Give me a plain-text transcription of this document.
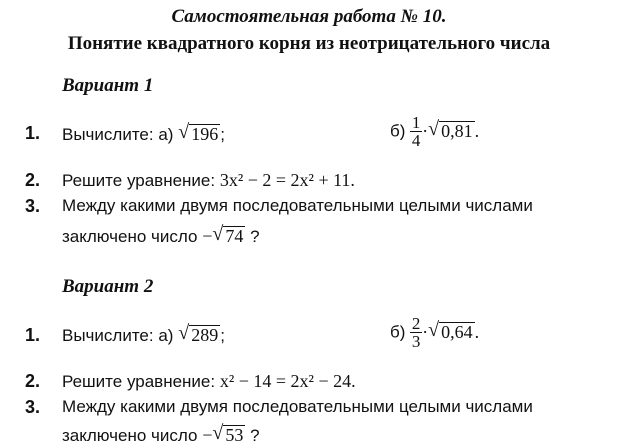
Самостоятельная работа № 10.
Понятие квадратного корня из неотрицательного числа
Вариант 1
1. Вычислите: а) √ 196 ;	$б) \frac{1}{4}$ · √ 0,81 .
2. Решите уравнение: 3x² − 2 = 2x² + 11.
3. Между какими двумя последовательными целыми числами
заключено число − √ 74 ?
Вариант 2
1. Вычислите: а) √ 289 ;	$б) \frac{2}{3}$ · √ 0,64 .
2. Решите уравнение: x² − 14 = 2x² − 24.
3. Между какими двумя последовательными целыми числами
заключено число − √ 53 ?
